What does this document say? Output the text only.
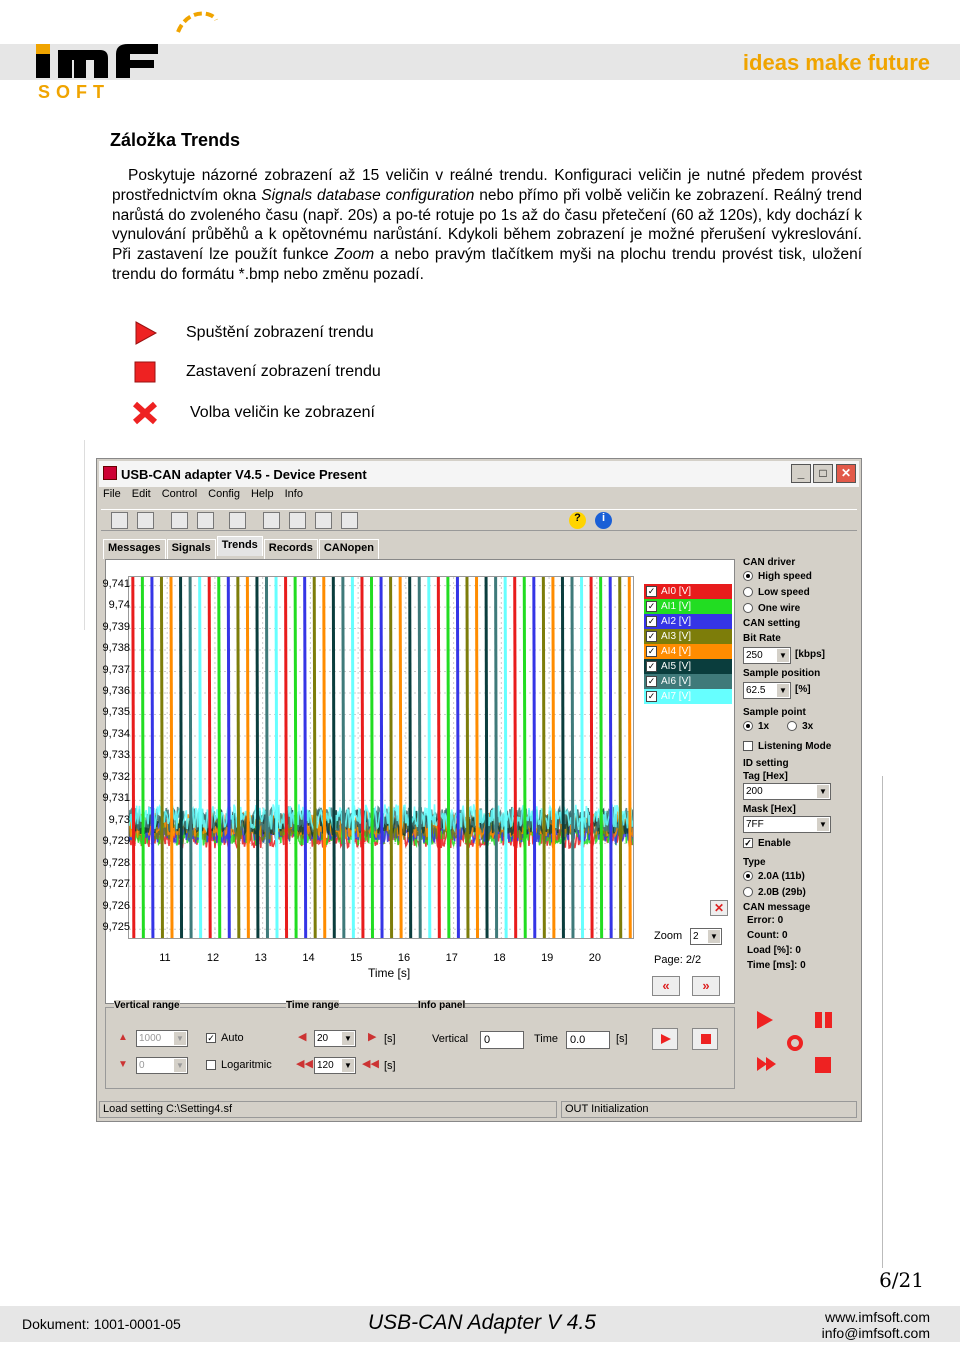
SOFT
ideas make future
Záložka Trends
Poskytuje názorné zobrazení až 15 veličin v reálné trendu. Konfiguraci veličin je nutné předem provést prostřednictvím okna Signals database configuration nebo přímo při volbě veličin ke zobrazení. Reálný trend narůstá do zvoleného času (např. 20s) a po-té rotuje po 1s až do času přetečení (60 až 120s), kdy dochází k vynulování průběhů a k opětovnému narůstání. Kdykoli během zobrazení je možné přerušení vykreslování. Při zastavení lze použít funkce Zoom a nebo pravým tlačítkem myši na plochu trendu provést tisk, uložení trendu do formátu *.bmp nebo změnu pozadí.
Spuštění zobrazení trendu
Zastavení zobrazení trendu
Volba veličin ke zobrazení
USB-CAN adapter V4.5 - Device Present	_	□	✕
File Edit Control Config Help Info
?	i
Messages	Signals	Trends	Records	CANopen
Time [s]
✓ AI0 [V]
✓ AI1 [V]
✓ AI2 [V]
✓ AI3 [V]
✓ AI4 [V]
✓ AI5 [V]
✓ AI6 [V]
✓ AI7 [V]
✕
Zoom	2 ▼
Page: 2/2
«	»
9,741
9,74
9,739
9,738
9,737
9,736
9,735
9,734
9,733
9,732
9,731
9,73
9,729
9,728
9,727
9,726
9,725
11	12	13	14	15	16	17	18	19	20
CAN driver
High speed
Low speed
One wire
CAN setting
Bit Rate
250 ▼	[kbps]
Sample position
62.5 ▼	[%]
Sample point
1x	3x
Listening Mode
ID setting
Tag [Hex]
200 ▼
Mask [Hex]
7FF ▼
✓ Enable
Type
2.0A (11b)
2.0B (29b)
CAN message
Error: 0
Count: 0
Load [%]: 0
Time [ms]: 0
Vertical range
▲	1000 ▼
▼	0 ▼
✓ Auto
Logaritmic
Time range
◀	20 ▼	▶ [s]
◀◀ 120 ▼	◀◀ [s]
Info panel
Vertical	0	Time	0.0	[s]
Load setting C:\Setting4.sf	OUT Initialization
6/21
Dokument: 1001-0001-05	USB-CAN Adapter V 4.5	www.imfsoft.com
info@imfsoft.com
